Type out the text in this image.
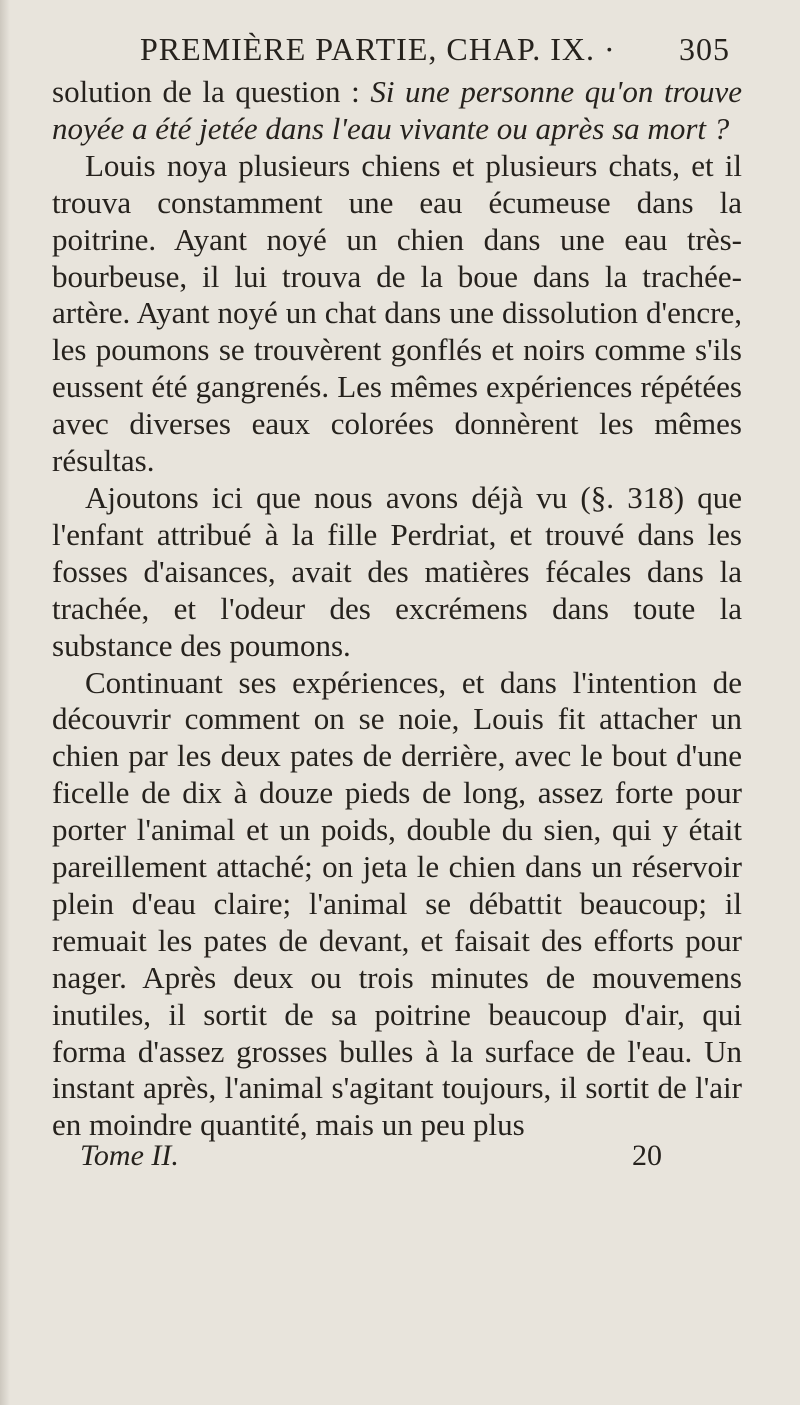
PREMIÈRE PARTIE, CHAP. IX. · 305

solution de la question : Si une personne qu'on trouve noyée a été jetée dans l'eau vivante ou après sa mort ?

Louis noya plusieurs chiens et plusieurs chats, et il trouva constamment une eau écumeuse dans la poitrine. Ayant noyé un chien dans une eau très-bourbeuse, il lui trouva de la boue dans la trachée-artère. Ayant noyé un chat dans une dissolution d'encre, les poumons se trouvèrent gonflés et noirs comme s'ils eussent été gangrenés. Les mêmes expériences répétées avec diverses eaux colorées donnèrent les mêmes résultas.

Ajoutons ici que nous avons déjà vu (§. 318) que l'enfant attribué à la fille Perdriat, et trouvé dans les fosses d'aisances, avait des matières fécales dans la trachée, et l'odeur des excrémens dans toute la substance des poumons.

Continuant ses expériences, et dans l'intention de découvrir comment on se noie, Louis fit attacher un chien par les deux pates de derrière, avec le bout d'une ficelle de dix à douze pieds de long, assez forte pour porter l'animal et un poids, double du sien, qui y était pareillement attaché; on jeta le chien dans un réservoir plein d'eau claire; l'animal se débattit beaucoup; il remuait les pates de devant, et faisait des efforts pour nager. Après deux ou trois minutes de mouvemens inutiles, il sortit de sa poitrine beaucoup d'air, qui forma d'assez grosses bulles à la surface de l'eau. Un instant après, l'animal s'agitant toujours, il sortit de l'air en moindre quantité, mais un peu plus

Tome II.	20
